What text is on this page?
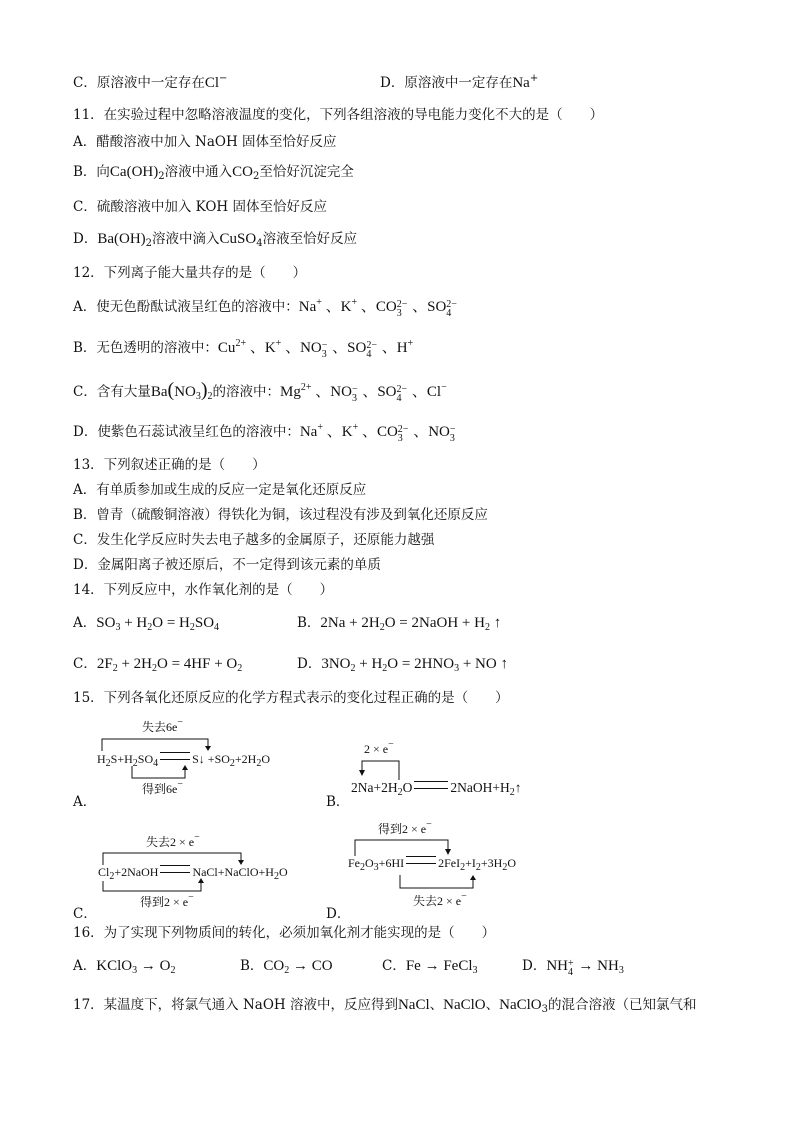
C．原溶液中一定存在Cl−	D．原溶液中一定存在Na+
11．在实验过程中忽略溶液温度的变化，下列各组溶液的导电能力变化不大的是（　　）
A．醋酸溶液中加入 NaOH 固体至恰好反应
B．向$Ca(OH)_2$溶液中通入$CO_2$至恰好沉淀完全
C．硫酸溶液中加入 KOH 固体至恰好反应
D．$Ba(OH)_2$溶液中滴入CuSO$_4$溶液至恰好反应
12．下列离子能大量共存的是（　　）
A．使无色酚酞试液呈红色的溶液中：Na+ 、K+ 、CO 2−
3 、SO 2−
4
B．无色透明的溶液中：$Cu^{2+}$ 、K+ 、NO −
3 、SO 2−
4 、H+
C．含有大量$Ba(NO_3)_2$的溶液中：$Mg^{2+}$ 、NO −
3 、SO 2−
4 、Cl−
D．使紫色石蕊试液呈红色的溶液中：Na+ 、K+ 、CO 2−
3 、NO −
3
13．下列叙述正确的是（　　）
A．有单质参加或生成的反应一定是氧化还原反应
B．曾青（硫酸铜溶液）得铁化为铜，该过程没有涉及到氧化还原反应
C．发生化学反应时失去电子越多的金属原子，还原能力越强
D．金属阳离子被还原后，不一定得到该元素的单质
14．下列反应中，水作氧化剂的是（　　）
A．$SO_3 + H_2O = H_2SO_4$	B．$2Na + 2H_2O$ = 2NaOH + $H_2$ ↑
C．$2F_2 + 2H_2O = 4HF + O_2$	D．$3NO_2 + H_2O = 2HNO_3$ + NO ↑
15．下列各氧化还原反应的化学方程式表示的变化过程正确的是（　　）
失去6e−
$H_2S+H_2SO_4$	S↓ $+SO_2+2H_2O$
得到6e−
A．
2 × e−
$2Na+2H_2O$	$2NaOH+H_2↑$
B．
失去2 × e−
$Cl_2+2NaOH$	$NaCl+NaClO+H_2O$
得到2 × e−
C．
得到2 × e−
$Fe_2O_3+6HI$	$2FeI_2+I_2+3H_2O$
失去2 × e−
D．
16．为了实现下列物质间的转化，必须加氧化剂才能实现的是（　　）
A．KClO$_3$ → $O_2$	B．$CO_2$ → CO	C．Fe → FeCl$_3$	D．NH +
$4 \to NH_3$
17．某温度下，将氯气通入 NaOH 溶液中，反应得到NaCl、NaClO、NaClO$_3$的混合溶液（已知氯气和
